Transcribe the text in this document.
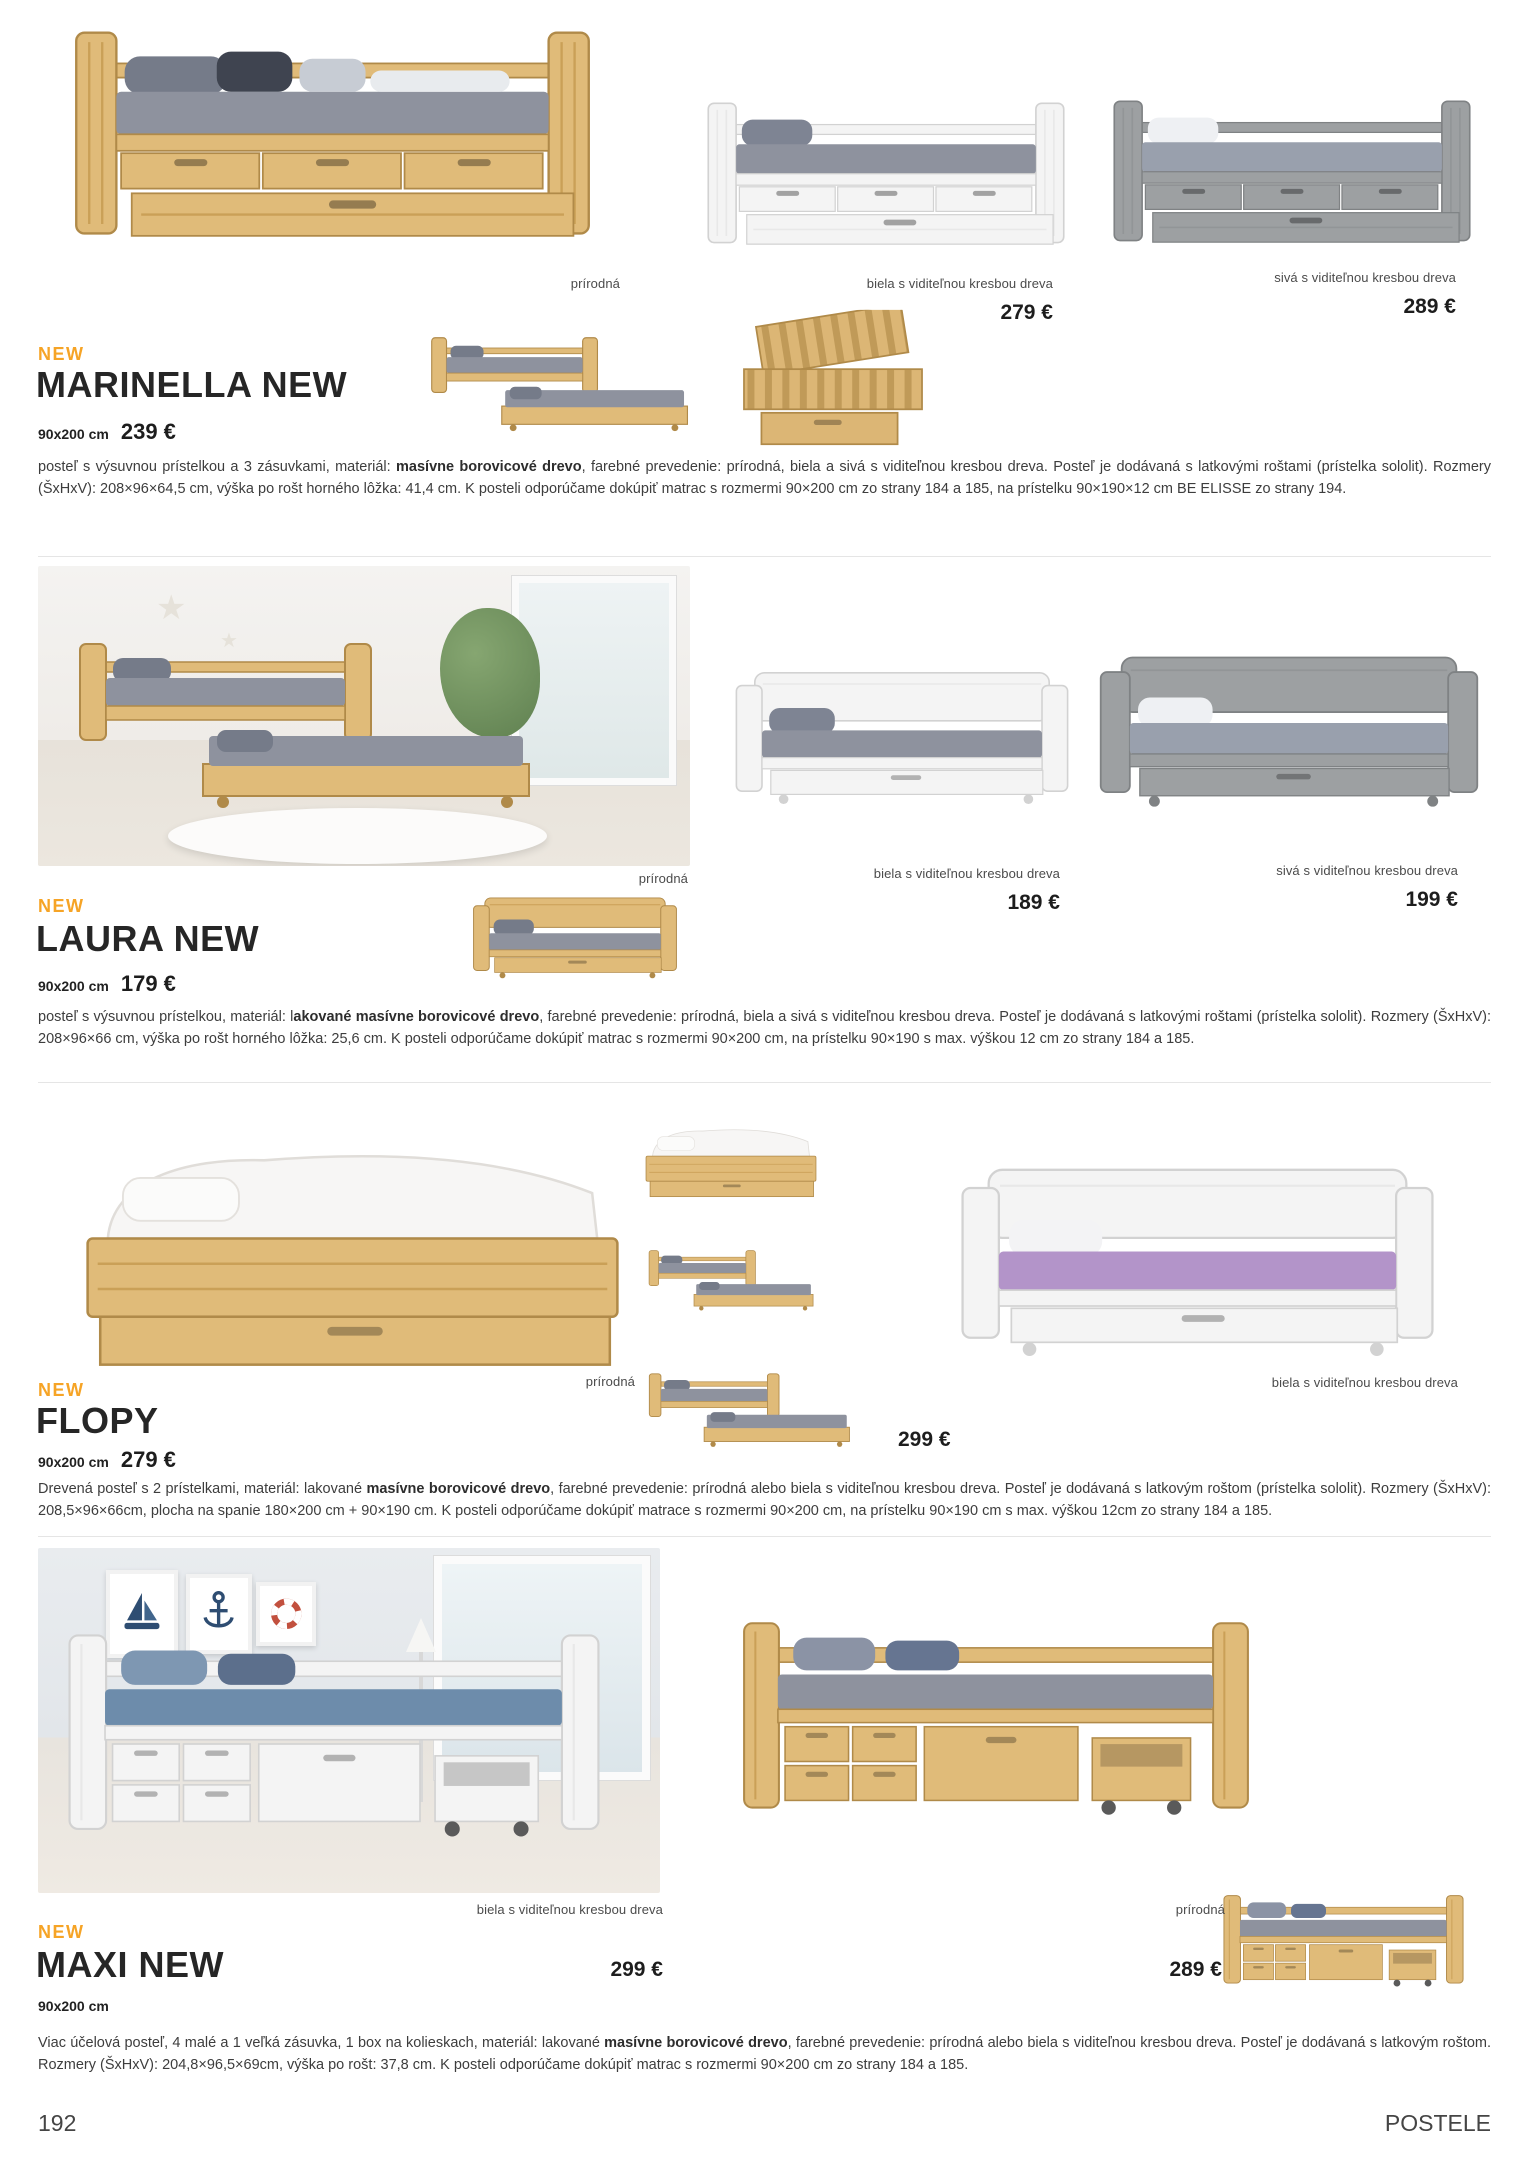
prírodná	biela s viditeľnou kresbou dreva
279 €
sivá s viditeľnou kresbou dreva
289 €
NEW
MARINELLA NEW
90x200 cm 239 €

posteľ s výsuvnou prístelkou a 3 zásuvkami, materiál: masívne borovicové drevo, farebné prevedenie: prírodná, biela a sivá s viditeľnou kresbou dreva. Posteľ je dodávaná s latkovými roštami (prístelka sololit). Rozmery (ŠxHxV): 208×96×64,5 cm, výška po rošt horného lôžka: 41,4 cm. K posteli odporúčame dokúpiť matrac s rozmermi 90×200 cm zo strany 184 a 185, na prístelku 90×190×12 cm BE ELISSE zo strany 194.

★
★
prírodná	biela s viditeľnou kresbou dreva
189 €
sivá s viditeľnou kresbou dreva
199 €
NEW
LAURA NEW
90x200 cm 179 €

posteľ s výsuvnou prístelkou, materiál: lakované masívne borovicové drevo, farebné prevedenie: prírodná, biela a sivá s viditeľnou kresbou dreva. Posteľ je dodávaná s latkovými roštami (prístelka sololit). Rozmery (ŠxHxV): 208×96×66 cm, výška po rošt horného lôžka: 25,6 cm. K posteli odporúčame dokúpiť matrac s rozmermi 90×200 cm, na prístelku 90×190 s max. výškou 12 cm zo strany 184 a 185.

prírodná	biela s viditeľnou kresbou dreva
299 €
NEW
FLOPY
90x200 cm 279 €

Drevená posteľ s 2 prístelkami, materiál: lakované masívne borovicové drevo, farebné prevedenie: prírodná alebo biela s viditeľnou kresbou dreva. Posteľ je dodávaná s latkovým roštom (prístelka sololit). Rozmery (ŠxHxV): 208,5×96×66cm, plocha na spanie 180×200 cm + 90×190 cm. K posteli odporúčame dokúpiť matrace s rozmermi 90×200 cm, na prístelku 90×190 cm s max. výškou 12cm zo strany 184 a 185.

biela s viditeľnou kresbou dreva
299 €
prírodná
289 €
NEW
MAXI NEW
90x200 cm

Viac účelová posteľ, 4 malé a 1 veľká zásuvka, 1 box na kolieskach, materiál: lakované masívne borovicové drevo, farebné prevedenie: prírodná alebo biela s viditeľnou kresbou dreva. Posteľ je dodávaná s latkovým roštom. Rozmery (ŠxHxV): 204,8×96,5×69cm, výška po rošt: 37,8 cm. K posteli odporúčame dokúpiť matrac s rozmermi 90×200 cm zo strany 184 a 185.

192	POSTELE
